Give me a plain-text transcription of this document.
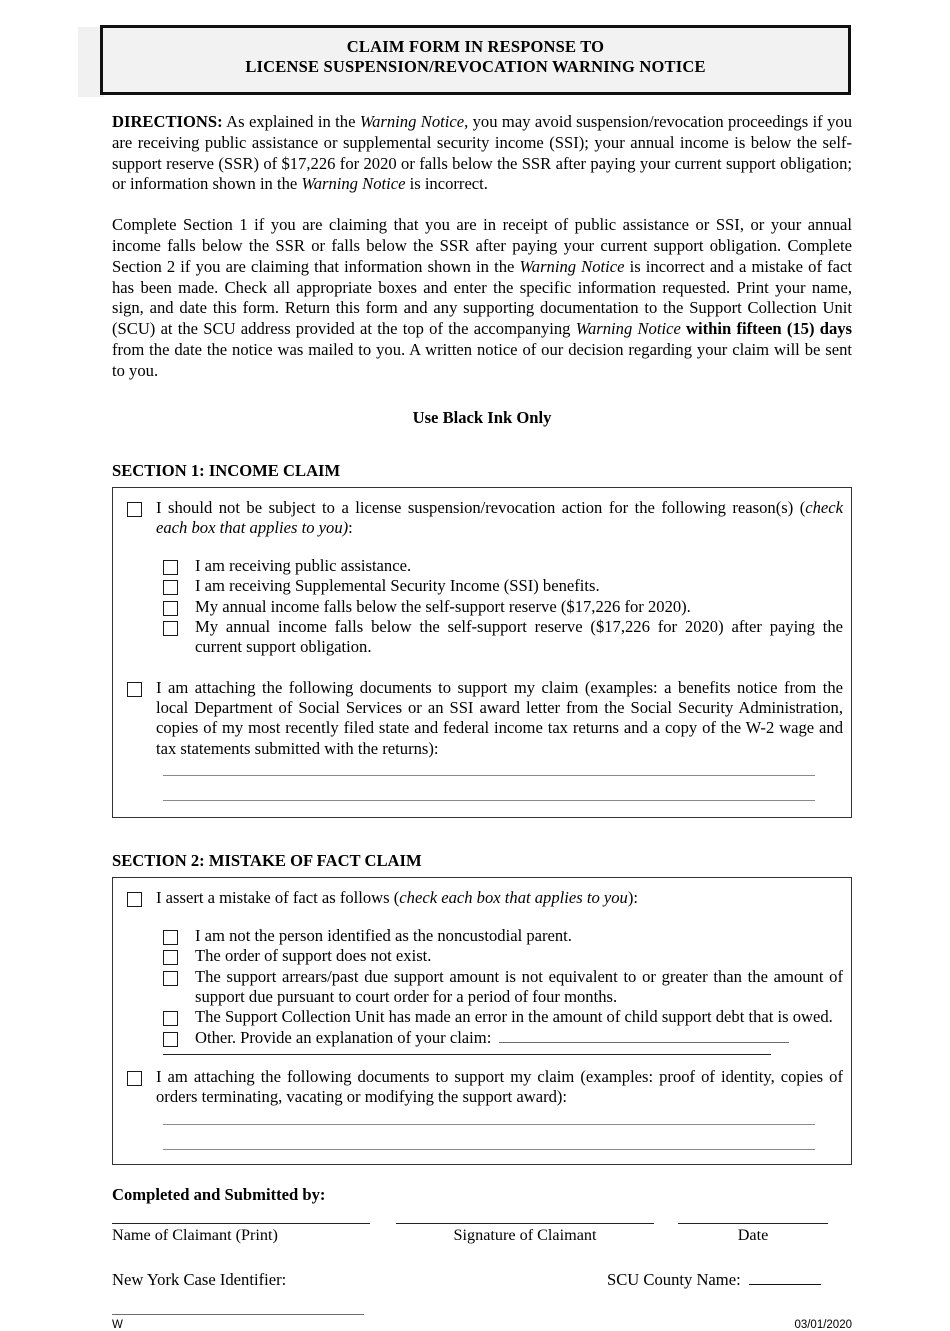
CLAIM FORM IN RESPONSE TO
LICENSE SUSPENSION/REVOCATION WARNING NOTICE

DIRECTIONS: As explained in the Warning Notice, you may avoid suspension/revocation proceedings if you are receiving public assistance or supplemental security income (SSI); your annual income is below the self-support reserve (SSR) of $17,226 for 2020 or falls below the SSR after paying your current support obligation; or information shown in the Warning Notice is incorrect.

Complete Section 1 if you are claiming that you are in receipt of public assistance or SSI, or your annual income falls below the SSR or falls below the SSR after paying your current support obligation. Complete Section 2 if you are claiming that information shown in the Warning Notice is incorrect and a mistake of fact has been made. Check all appropriate boxes and enter the specific information requested. Print your name, sign, and date this form. Return this form and any supporting documentation to the Support Collection Unit (SCU) at the SCU address provided at the top of the accompanying Warning Notice within fifteen (15) days from the date the notice was mailed to you. A written notice of our decision regarding your claim will be sent to you.

Use Black Ink Only
SECTION 1: INCOME CLAIM
I should not be subject to a license suspension/revocation action for the following reason(s) (check each box that applies to you):
I am receiving public assistance.
I am receiving Supplemental Security Income (SSI) benefits.
My annual income falls below the self-support reserve ($17,226 for 2020).
My annual income falls below the self-support reserve ($17,226 for 2020) after paying the current support obligation.
I am attaching the following documents to support my claim (examples: a benefits notice from the local Department of Social Services or an SSI award letter from the Social Security Administration, copies of my most recently filed state and federal income tax returns and a copy of the W-2 wage and tax statements submitted with the returns):
SECTION 2: MISTAKE OF FACT CLAIM
I assert a mistake of fact as follows (check each box that applies to you):
I am not the person identified as the noncustodial parent.
The order of support does not exist.
The support arrears/past due support amount is not equivalent to or greater than the amount of support due pursuant to court order for a period of four months.
The Support Collection Unit has made an error in the amount of child support debt that is owed.
Other. Provide an explanation of your claim:
I am attaching the following documents to support my claim (examples: proof of identity, copies of orders terminating, vacating or modifying the support award):
Completed and Submitted by:
Name of Claimant (Print)	Signature of Claimant	Date
New York Case Identifier:	SCU County Name:
W	03/01/2020
